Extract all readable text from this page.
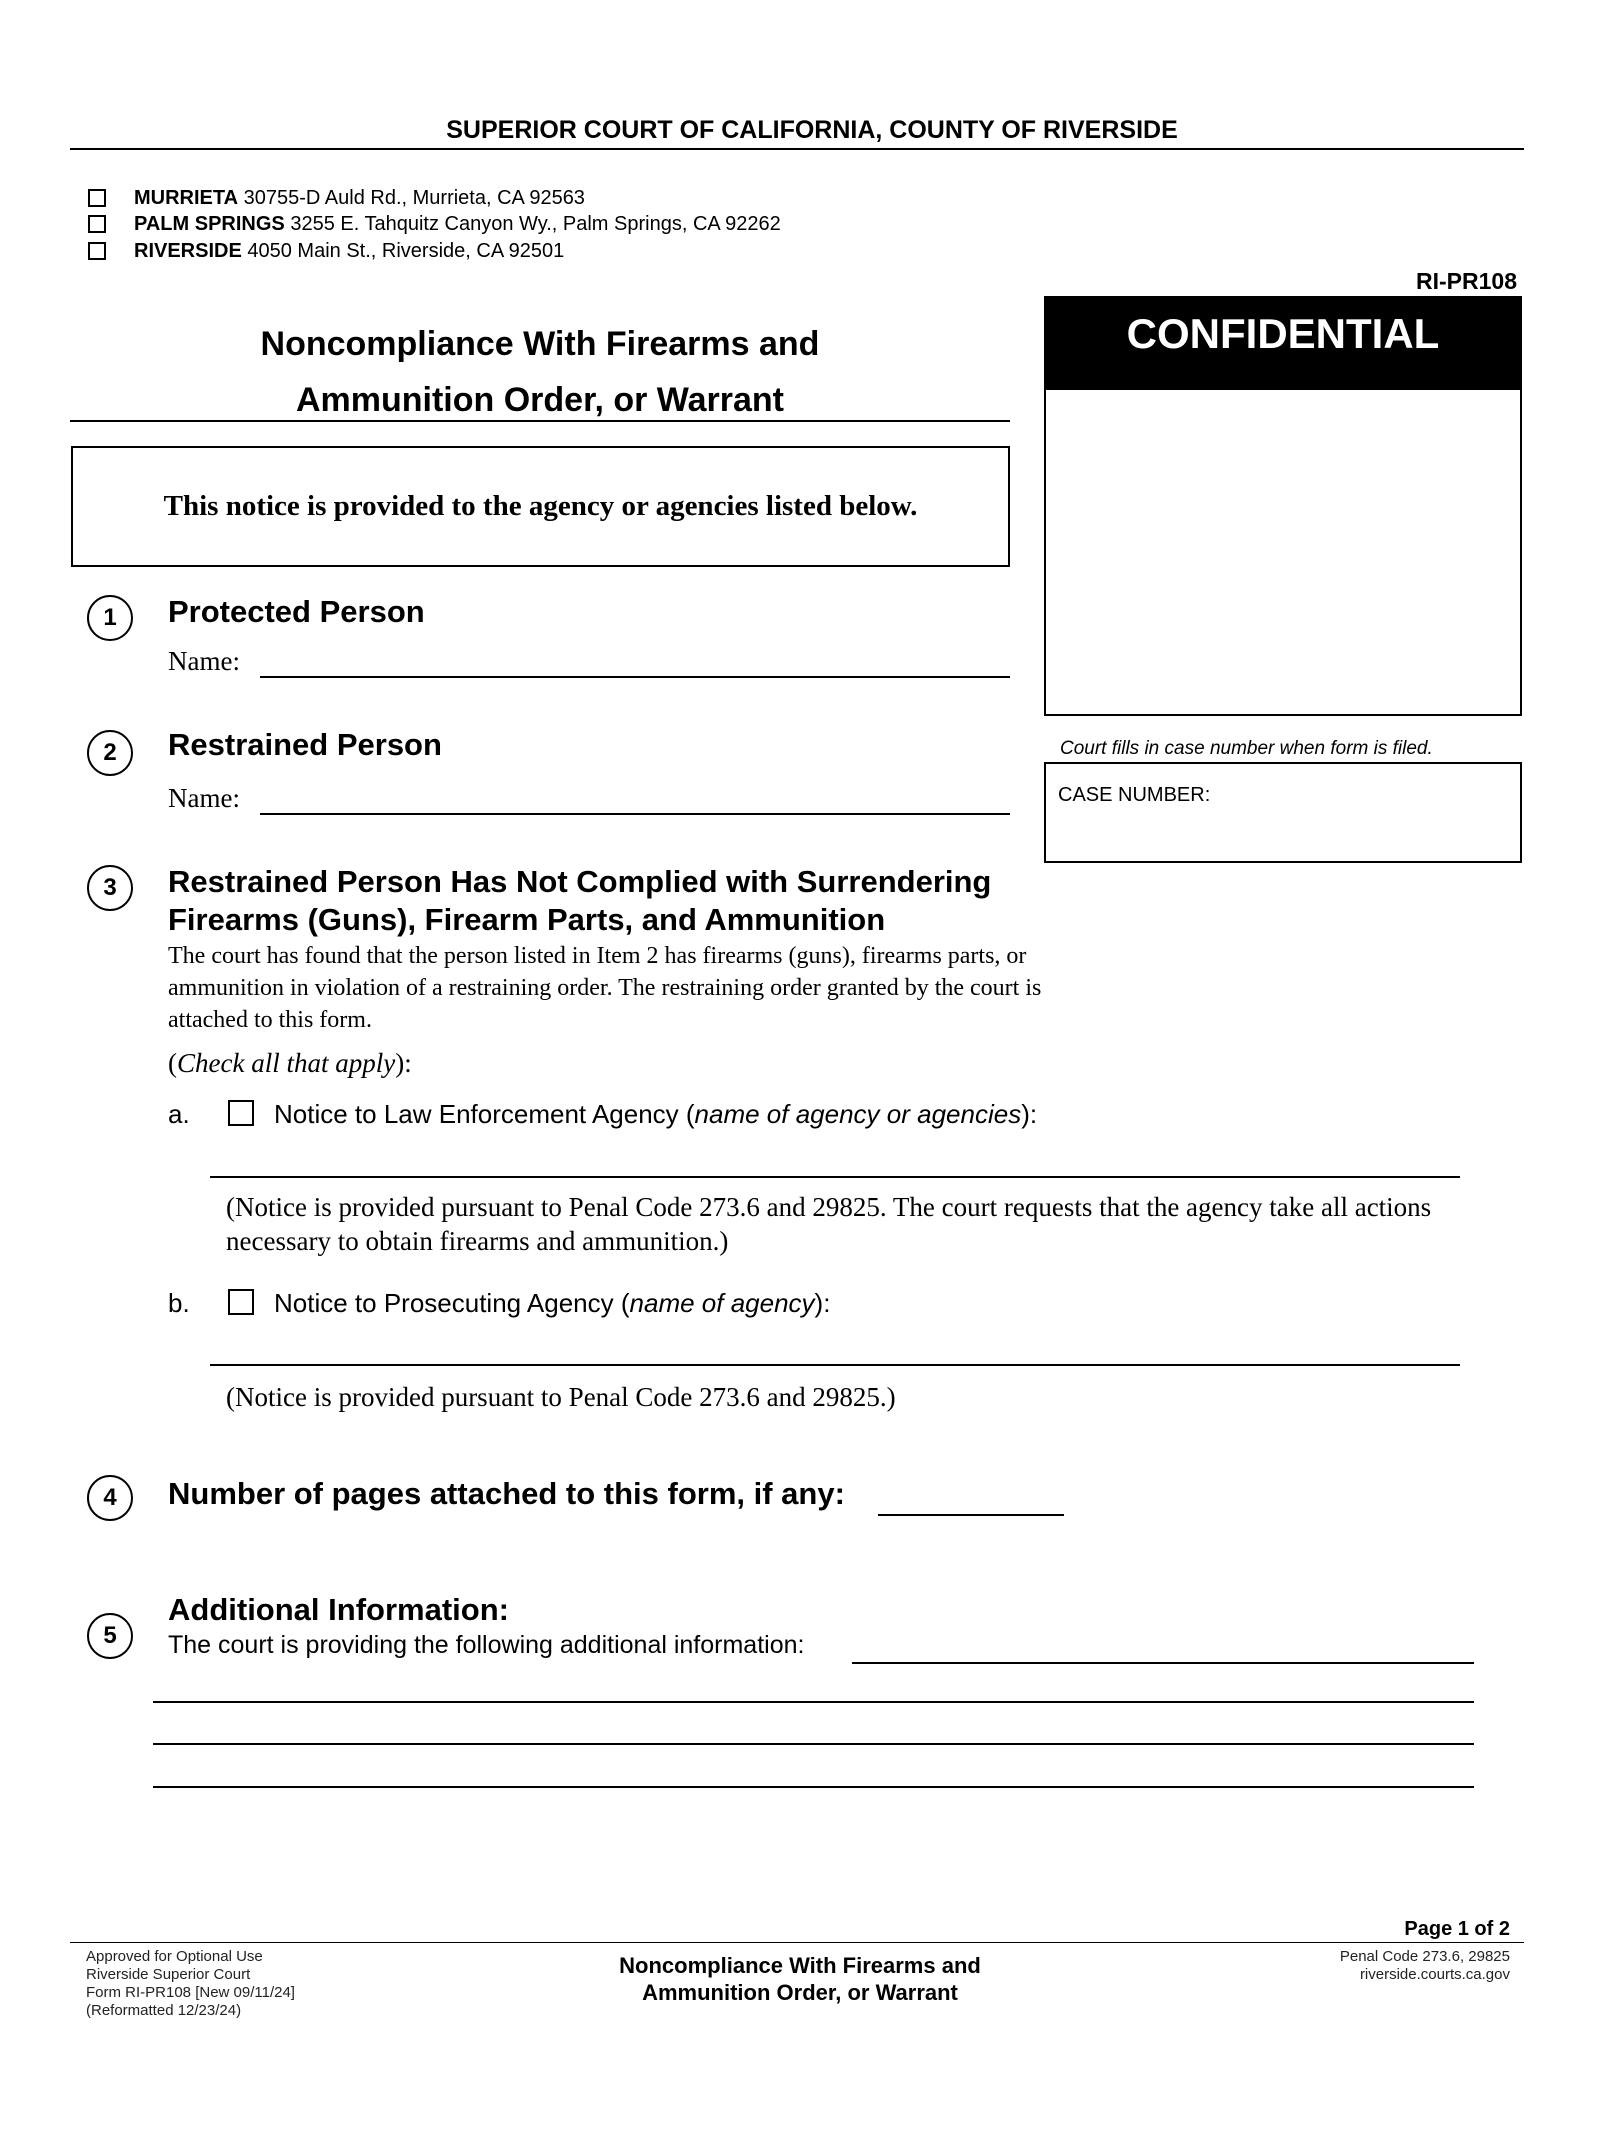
SUPERIOR COURT OF CALIFORNIA, COUNTY OF RIVERSIDE
MURRIETA 30755-D Auld Rd., Murrieta, CA 92563
PALM SPRINGS 3255 E. Tahquitz Canyon Wy., Palm Springs, CA 92262
RIVERSIDE 4050 Main St., Riverside, CA 92501
RI-PR108
Noncompliance With Firearms and
Ammunition Order, or Warrant
This notice is provided to the agency or agencies listed below.
CONFIDENTIAL
Court fills in case number when form is filed.
CASE NUMBER:
1	Protected Person
Name:
2	Restrained Person
Name:
3	Restrained Person Has Not Complied with Surrendering
Firearms (Guns), Firearm Parts, and Ammunition
The court has found that the person listed in Item 2 has firearms (guns), firearms parts, or ammunition in violation of a restraining order. The restraining order granted by the court is attached to this form.
(Check all that apply):
a.	Notice to Law Enforcement Agency (name of agency or agencies):
(Notice is provided pursuant to Penal Code 273.6 and 29825. The court requests that the agency take all actions necessary to obtain firearms and ammunition.)
b.	Notice to Prosecuting Agency (name of agency):
(Notice is provided pursuant to Penal Code 273.6 and 29825.)
4	Number of pages attached to this form, if any:
5
Additional Information:
The court is providing the following additional information:
Page 1 of 2
Approved for Optional Use
Riverside Superior Court
Form RI-PR108 [New 09/11/24]
(Reformatted 12/23/24)
Noncompliance With Firearms and
Ammunition Order, or Warrant
Penal Code 273.6, 29825
riverside.courts.ca.gov
